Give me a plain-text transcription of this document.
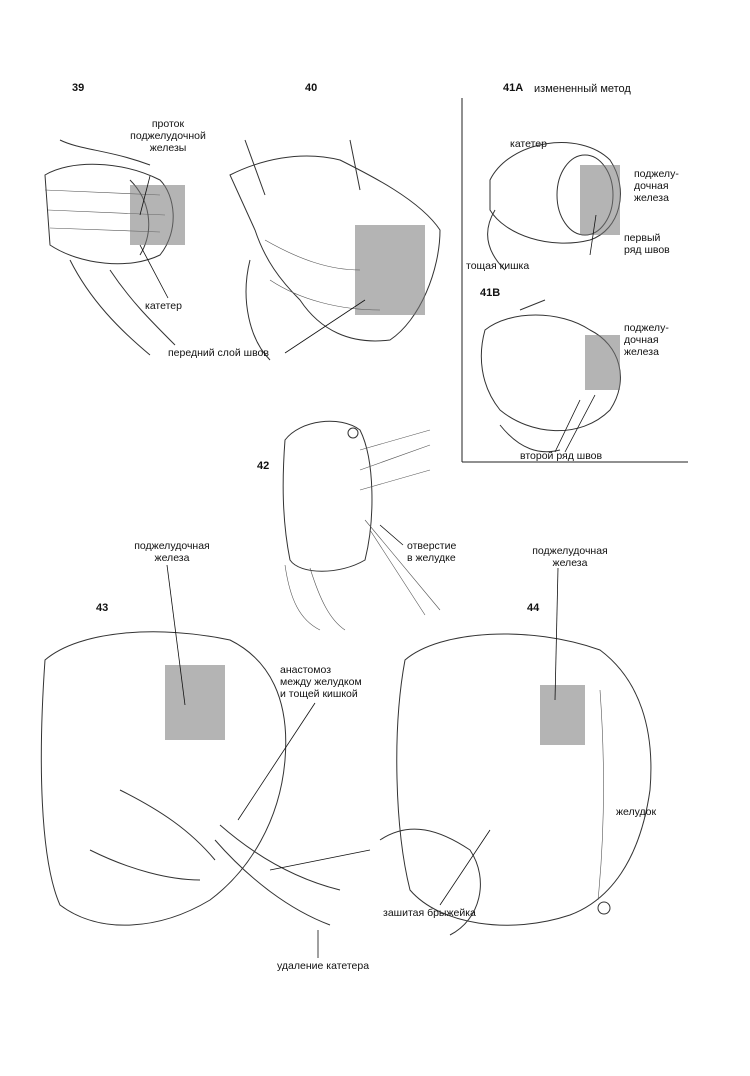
39	40	41A измененный метод
41B
42
43	44
проток
поджелудочной
железы
катетер
передний слой швов
катетер
поджелу-
дочная
железа
тощая кишка
первый
ряд швов
поджелу-
дочная
железа
второй ряд швов
отверстие
в желудке
поджелудочная
железа
анастомоз
между желудком
и тощей кишкой
удаление катетера
поджелудочная
железа
желудок
зашитая брыжейка
